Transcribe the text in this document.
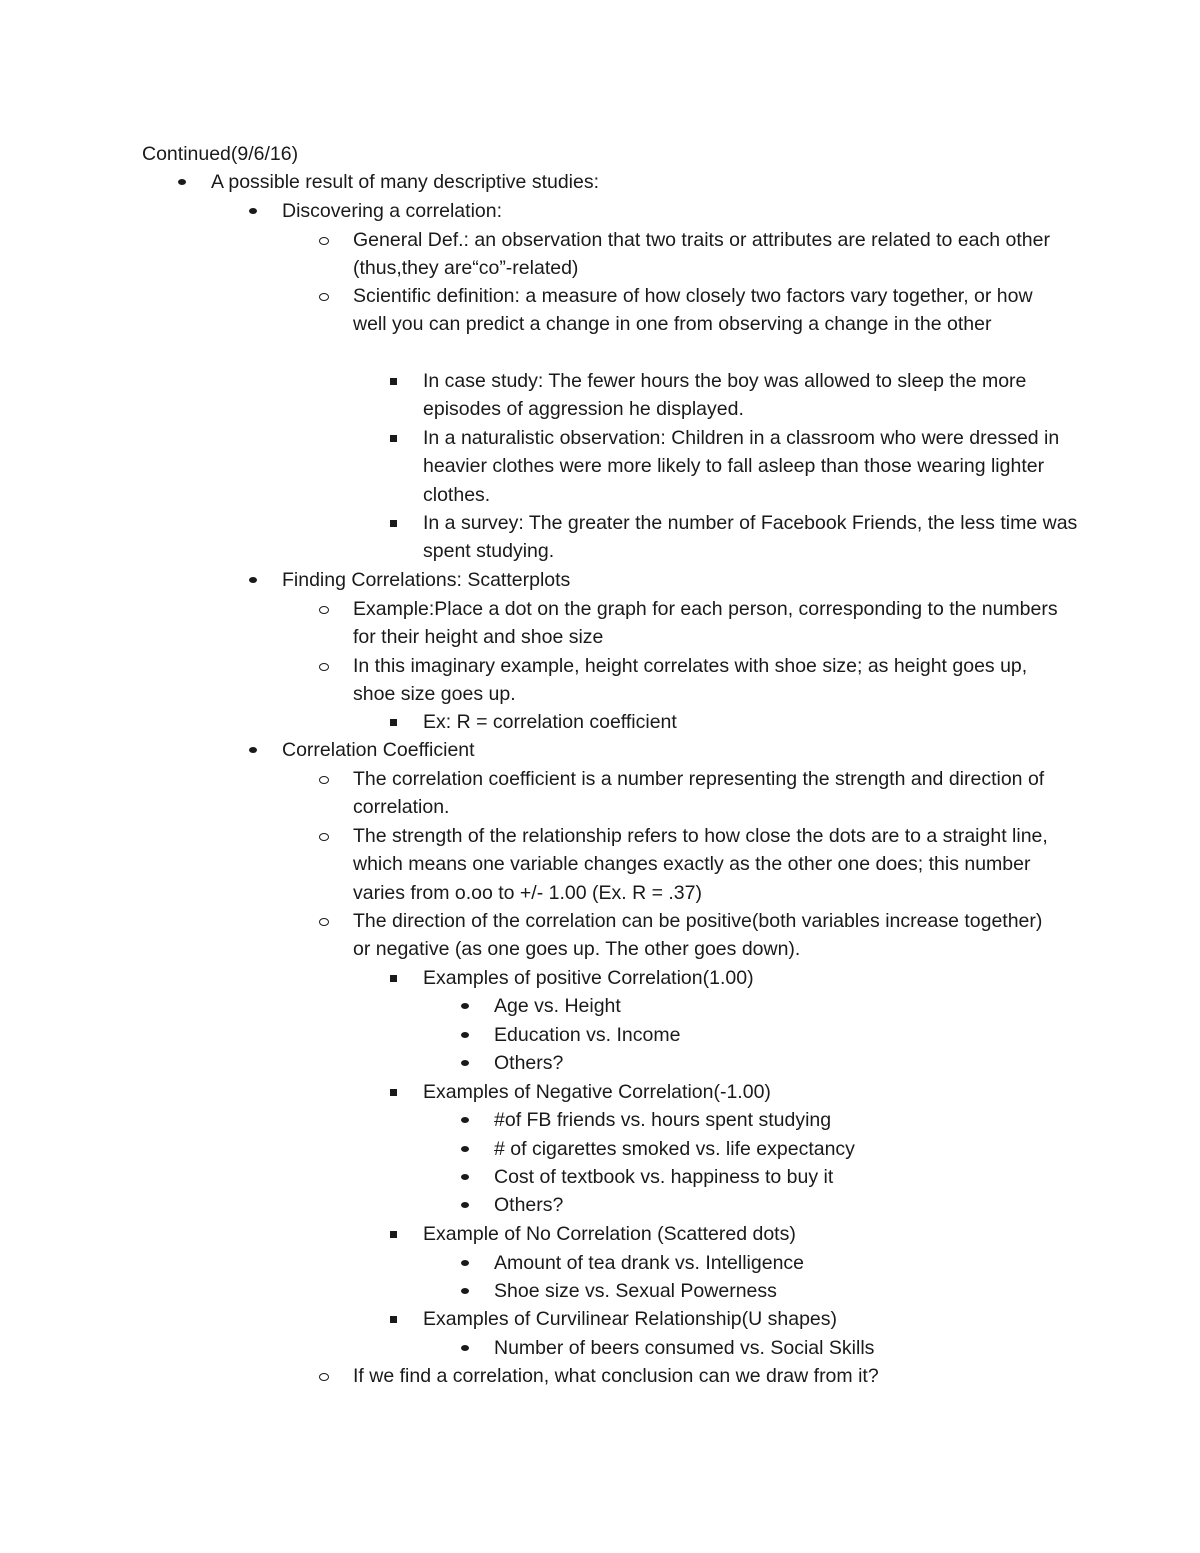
Continued(9/6/16)
A possible result of many descriptive studies:
Discovering a correlation:
General Def.: an observation that two traits or attributes are related to each other (thus,they are“co”-related)
Scientific definition: a measure of how closely two factors vary together, or how well you can predict a change in one from observing a change in the other
In case study: The fewer hours the boy was allowed to sleep the more episodes of aggression he displayed.
In a naturalistic observation: Children in a classroom who were dressed in heavier clothes were more likely to fall asleep than those wearing lighter clothes.
In a survey: The greater the number of Facebook Friends, the less time was spent studying.
Finding Correlations: Scatterplots
Example:Place a dot on the graph for each person, corresponding to the numbers for their height and shoe size
In this imaginary example, height correlates with shoe size; as height goes up, shoe size goes up.
Ex: R = correlation coefficient
Correlation Coefficient
The correlation coefficient is a number representing the strength and direction of correlation.
The strength of the relationship refers to how close the dots are to a straight line, which means one variable changes exactly as the other one does; this number varies from o.oo to +/- 1.00 (Ex. R = .37)
The direction of the correlation can be positive(both variables increase together) or negative (as one goes up. The other goes down).
Examples of positive Correlation(1.00)
Age vs. Height
Education vs. Income
Others?
Examples of Negative Correlation(-1.00)
#of FB friends vs. hours spent studying
# of cigarettes smoked vs. life expectancy
Cost of textbook vs. happiness to buy it
Others?
Example of No Correlation (Scattered dots)
Amount of tea drank vs. Intelligence
Shoe size vs. Sexual Powerness
Examples of Curvilinear Relationship(U shapes)
Number of beers consumed vs. Social Skills
If we find a correlation, what conclusion can we draw from it?
